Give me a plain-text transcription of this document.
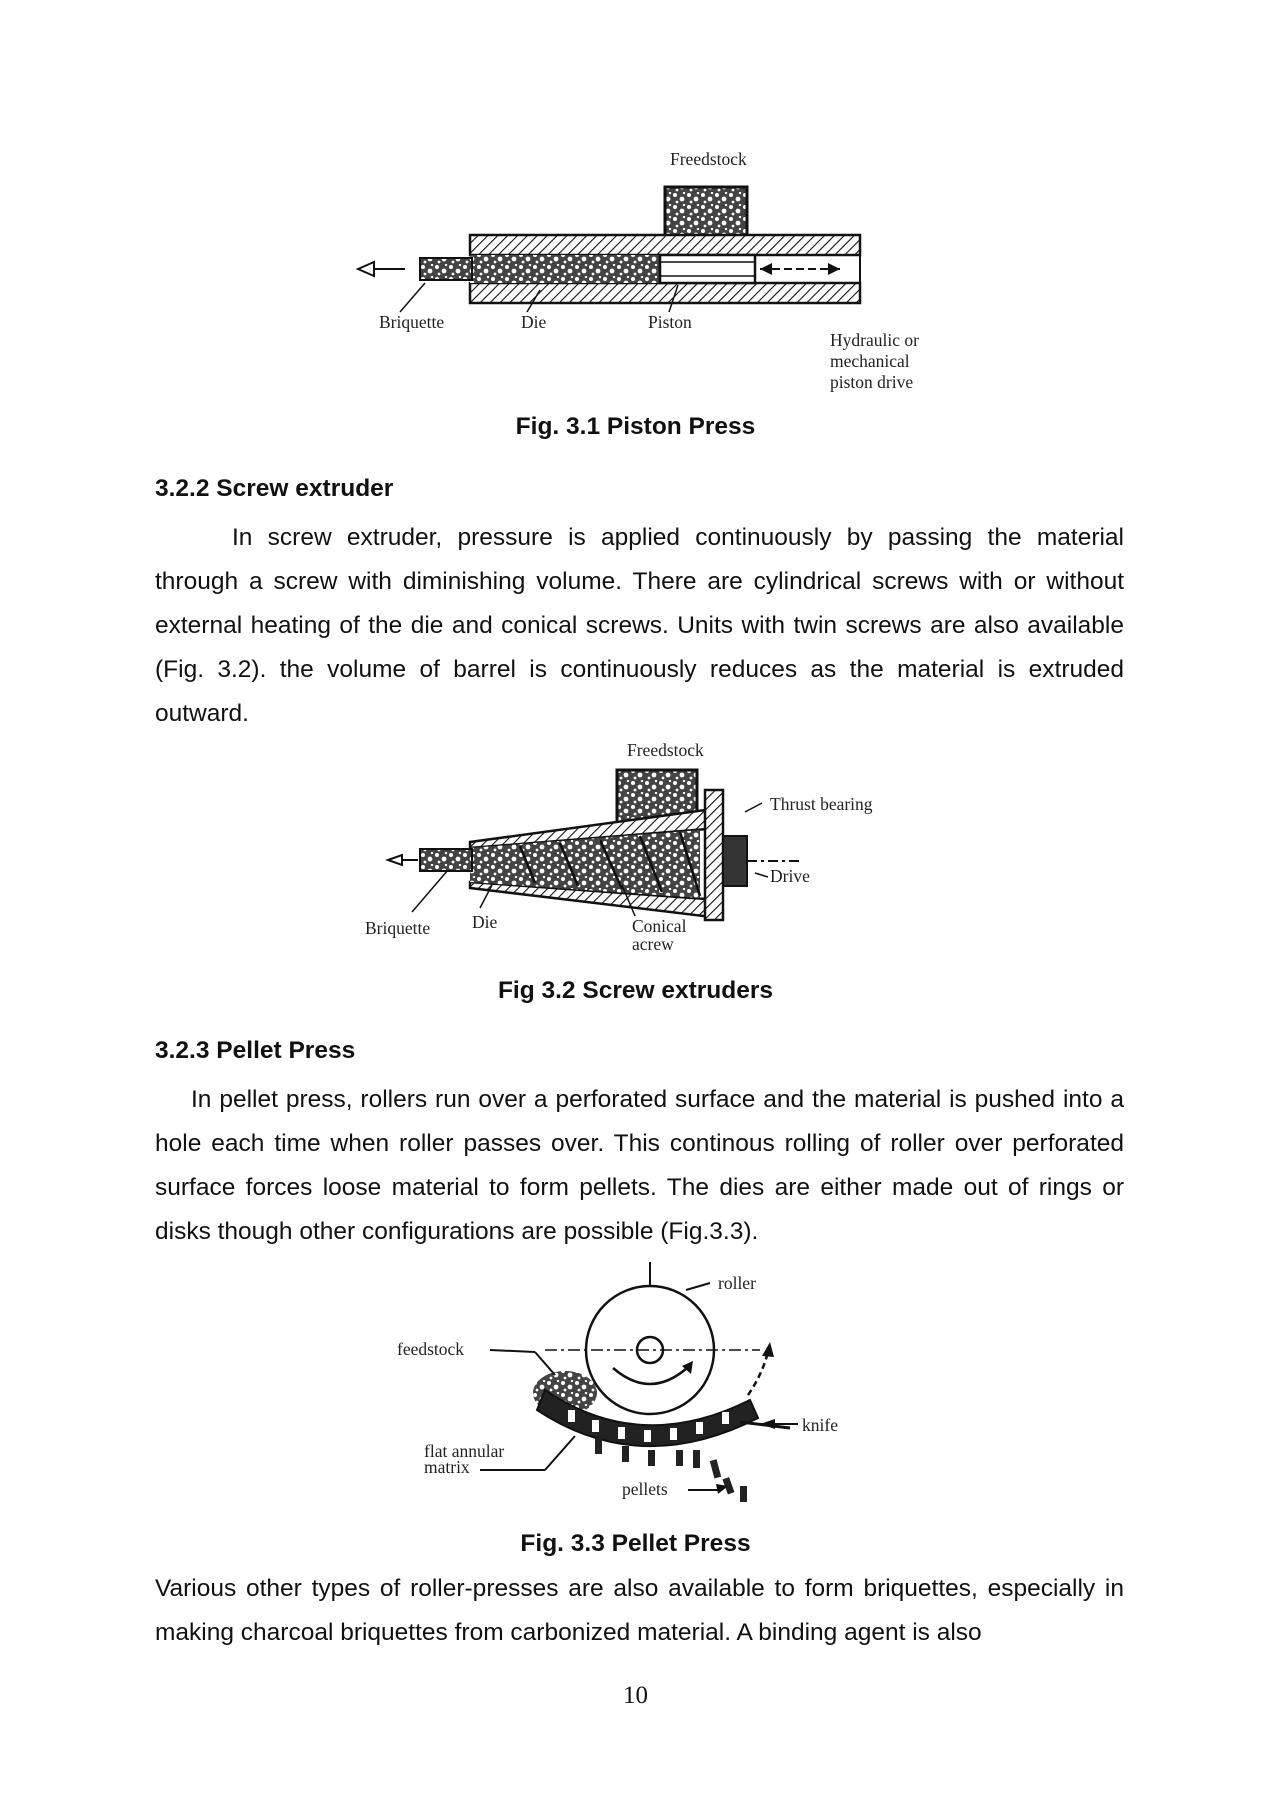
Freedstock
Briquette	Die	Piston
Hydraulic or
mechanical
piston drive
Fig. 3.1 Piston Press
3.2.2 Screw extruder

In screw extruder, pressure is applied continuously by passing the material through a screw with diminishing volume. There are cylindrical screws with or without external heating of the die and conical screws. Units with twin screws are also available (Fig. 3.2). the volume of barrel is continuously reduces as the material is extruded outward.

Freedstock
Thrust bearing
Drive
Briquette Die	Conical
acrew
Fig 3.2 Screw extruders
3.2.3 Pellet Press

In pellet press, rollers run over a perforated surface and the material is pushed into a hole each time when roller passes over. This continous rolling of roller over perforated surface forces loose material to form pellets. The dies are either made out of rings or disks though other configurations are possible (Fig.3.3).

roller
feedstock
knife
flat annular
matrix
pellets
Fig. 3.3 Pellet Press

Various other types of roller-presses are also available to form briquettes, especially in making charcoal briquettes from carbonized material. A binding agent is also

10
